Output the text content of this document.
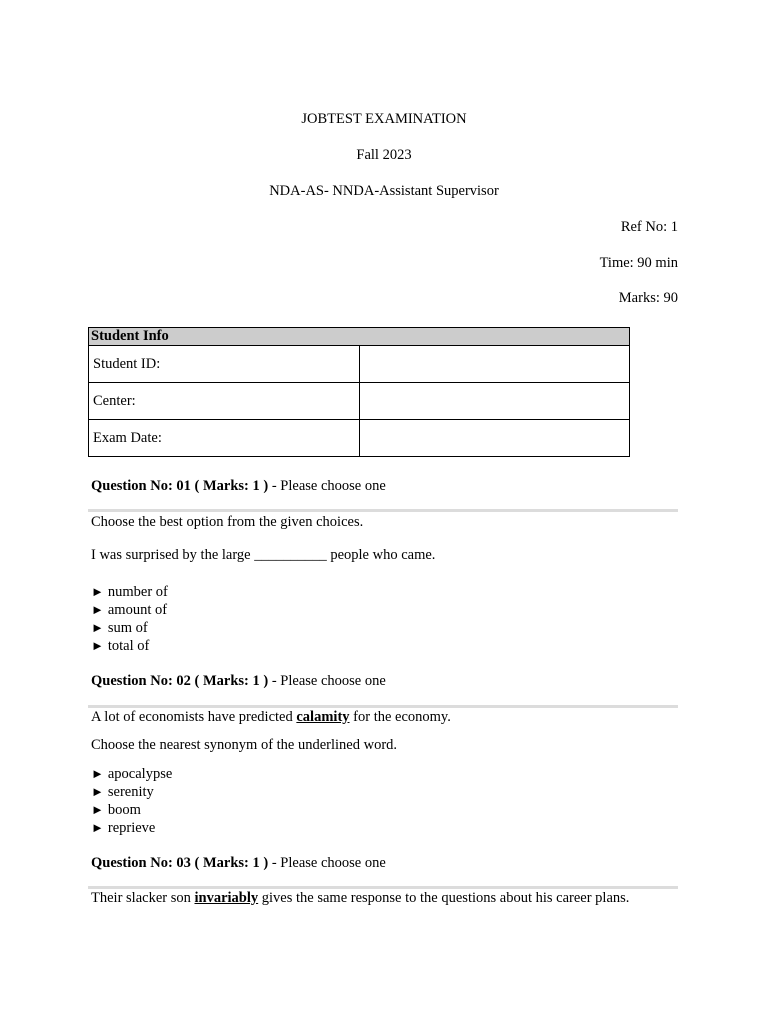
JOBTEST EXAMINATION
Fall 2023
NDA-AS- NNDA-Assistant Supervisor
Ref No: 1
Time: 90 min
Marks: 90
Student Info	
Student ID:	
Center:	
Exam Date:	
Question No: 01 ( Marks: 1 ) - Please choose one
Choose the best option from the given choices.
I was surprised by the large __________ people who came.
► number of
► amount of
► sum of
► total of
Question No: 02 ( Marks: 1 ) - Please choose one
A lot of economists have predicted calamity for the economy.
Choose the nearest synonym of the underlined word.
► apocalypse
► serenity
► boom
► reprieve
Question No: 03 ( Marks: 1 ) - Please choose one
Their slacker son invariably gives the same response to the questions about his career plans.
